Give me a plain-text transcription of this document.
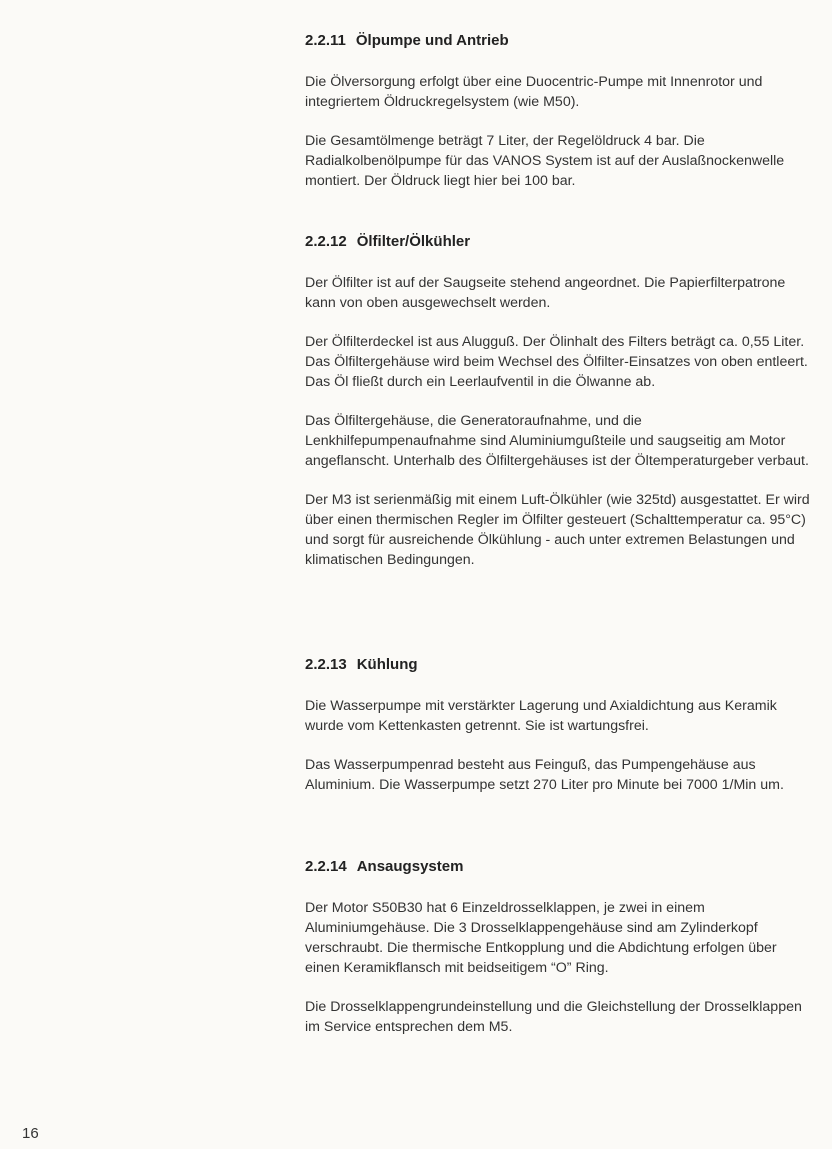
2.2.11 Ölpumpe und Antrieb

Die Ölversorgung erfolgt über eine Duocentric-Pumpe mit Innenrotor und integriertem Öldruckregelsystem (wie M50).

Die Gesamtölmenge beträgt 7 Liter, der Regelöldruck 4 bar. Die Radialkolbenölpumpe für das VANOS System ist auf der Auslaßnockenwelle montiert. Der Öldruck liegt hier bei 100 bar.

2.2.12 Ölfilter/Ölkühler

Der Ölfilter ist auf der Saugseite stehend angeordnet. Die Papierfilterpatrone kann von oben ausgewechselt werden.

Der Ölfilterdeckel ist aus Alugguß. Der Ölinhalt des Filters beträgt ca. 0,55 Liter. Das Ölfiltergehäuse wird beim Wechsel des Ölfilter-Einsatzes von oben entleert. Das Öl fließt durch ein Leerlaufventil in die Ölwanne ab.

Das Ölfiltergehäuse, die Generatoraufnahme, und die Lenkhilfepumpenaufnahme sind Aluminiumgußteile und saugseitig am Motor angeflanscht. Unterhalb des Ölfiltergehäuses ist der Öltemperaturgeber verbaut.

Der M3 ist serienmäßig mit einem Luft-Ölkühler (wie 325td) ausgestattet. Er wird über einen thermischen Regler im Ölfilter gesteuert (Schalttemperatur ca. 95°C) und sorgt für ausreichende Ölkühlung - auch unter extremen Belastungen und klimatischen Bedingungen.

2.2.13 Kühlung

Die Wasserpumpe mit verstärkter Lagerung und Axialdichtung aus Keramik wurde vom Kettenkasten getrennt. Sie ist wartungsfrei.

Das Wasserpumpenrad besteht aus Feinguß, das Pumpengehäuse aus Aluminium. Die Wasserpumpe setzt 270 Liter pro Minute bei 7000 1/Min um.

2.2.14 Ansaugsystem

Der Motor S50B30 hat 6 Einzeldrosselklappen, je zwei in einem Aluminiumgehäuse. Die 3 Drosselklappengehäuse sind am Zylinderkopf verschraubt. Die thermische Entkopplung und die Abdichtung erfolgen über einen Keramikflansch mit beidseitigem “O” Ring.

Die Drosselklappengrundeinstellung und die Gleichstellung der Drosselklappen im Service entsprechen dem M5.

16
